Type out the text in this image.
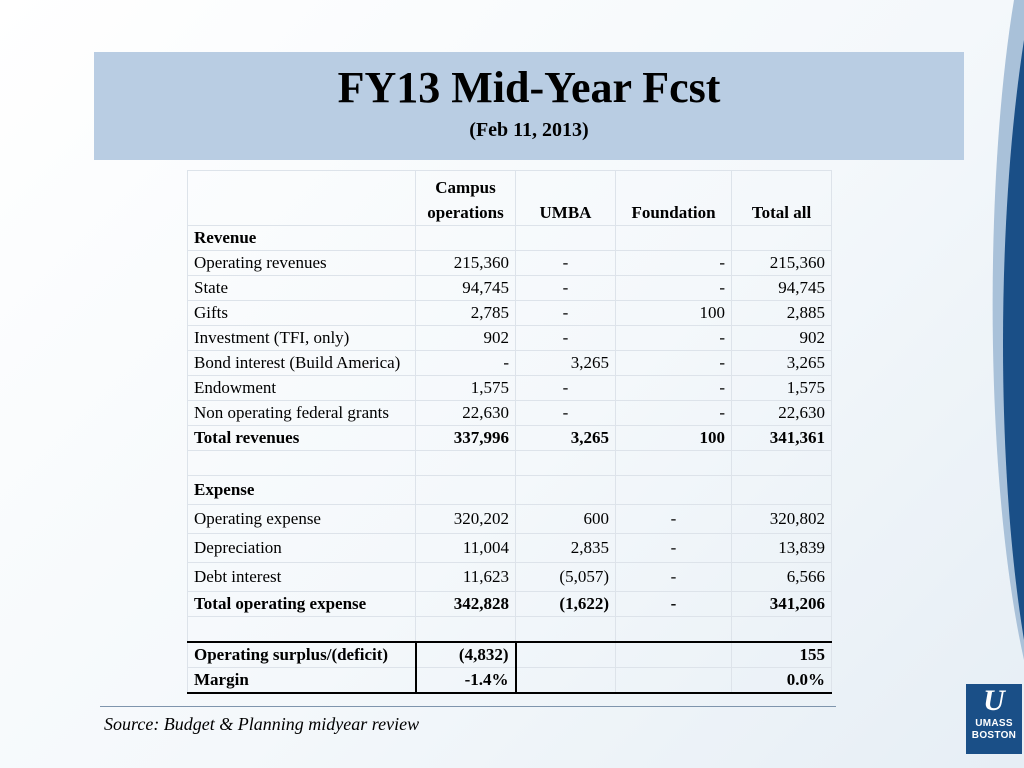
FY13 Mid-Year Fcst
(Feb 11, 2013)
	Campus
operations	UMBA	Foundation	Total all
Revenue				
Operating revenues	215,360	-	-	215,360
State	94,745	-	-	94,745
Gifts	2,785	-	100	2,885
Investment (TFI, only)	902	-	-	902
Bond interest (Build America)	-	3,265	-	3,265
Endowment	1,575	-	-	1,575
Non operating federal grants	22,630	-	-	22,630
Total revenues	337,996	3,265	100	341,361

Expense				
Operating expense	320,202	600	-	320,802
Depreciation	11,004	2,835	-	13,839
Debt interest	11,623	(5,057)	-	6,566
Total operating expense	342,828	(1,622)	-	341,206

Operating surplus/(deficit)	(4,832)			155
Margin	-1.4%			0.0%
Source: Budget & Planning midyear review
U
UMASS
BOSTON
